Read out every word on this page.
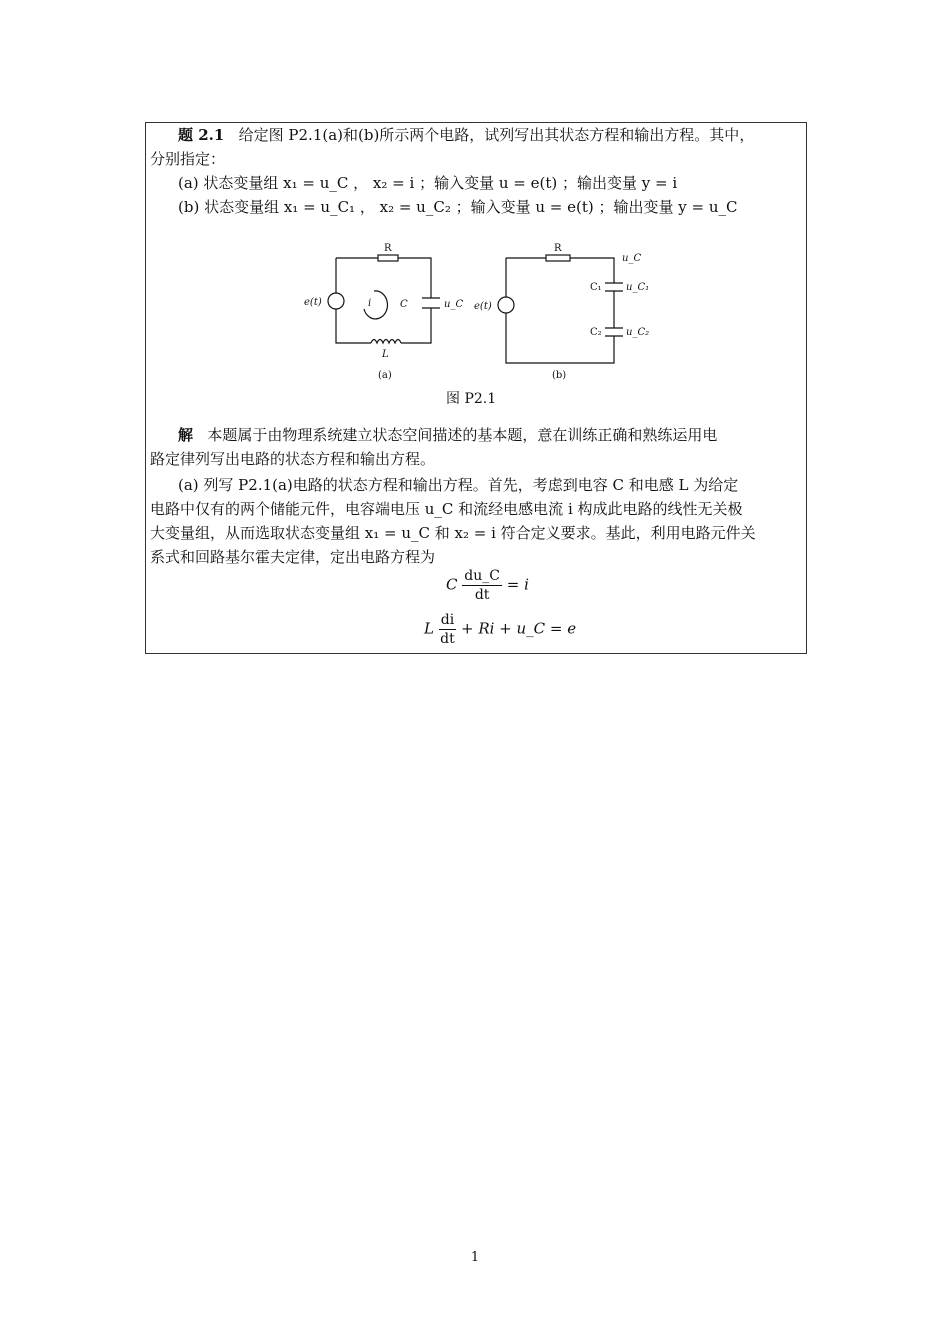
题 2.1 给定图 P2.1(a)和(b)所示两个电路，试列写出其状态方程和输出方程。其中，
分别指定：
(a) 状态变量组 x₁ = u_C ， x₂ = i ；输入变量 u = e(t) ；输出变量 y = i
(b) 状态变量组 x₁ = u_C₁ ， x₂ = u_C₂ ；输入变量 u = e(t) ；输出变量 y = u_C
R
C	u_C
L
e(t)	i
(a)
R
u_C
C₁ u_C₁
C₂ u_C₂
e(t)
(b)
图 P2.1
解 本题属于由物理系统建立状态空间描述的基本题，意在训练正确和熟练运用电
路定律列写出电路的状态方程和输出方程。
(a) 列写 P2.1(a)电路的状态方程和输出方程。首先，考虑到电容 C 和电感 L 为给定
电路中仅有的两个储能元件，电容端电压 u_C 和流经电感电流 i 构成此电路的线性无关极
大变量组，从而选取状态变量组 x₁ = u_C 和 x₂ = i 符合定义要求。基此，利用电路元件关
系式和回路基尔霍夫定律，定出电路方程为
C $\frac{du\_C}{dt} = i$
L $\frac{di}{dt} + Ri$ + u_C = e
1
